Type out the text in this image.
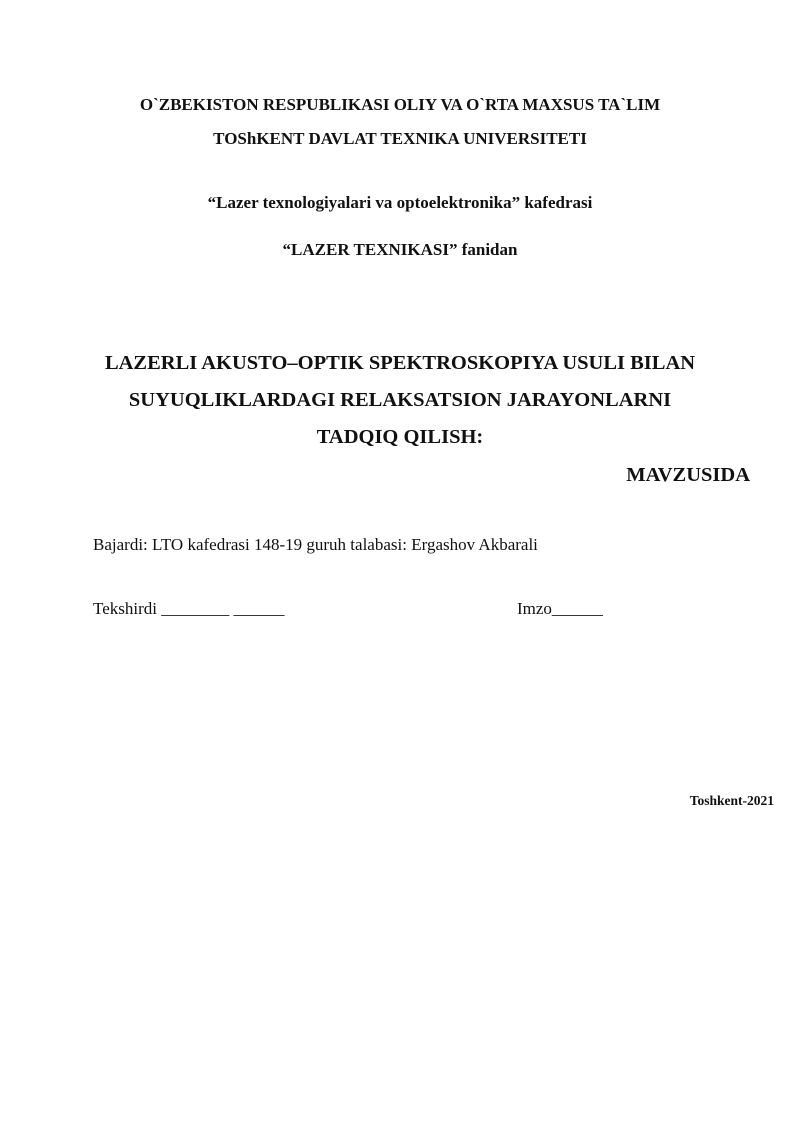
O`ZBEKISTON RESPUBLIKASI OLIY VA O`RTA MAXSUS TA`LIM
TOShKENT DAVLAT TEXNIKA UNIVERSITETI
“Lazer texnologiyalari va optoelektronika” kafedrasi
“LAZER TEXNIKASI” fanidan
LAZERLI AKUSTO–OPTIK SPEKTROSKOPIYA USULI BILAN
SUYUQLIKLARDAGI RELAKSATSION JARAYONLARNI
TADQIQ QILISH:
MAVZUSIDA
Bajardi: LTO kafedrasi 148-19 guruh talabasi: Ergashov Akbarali
Tekshirdi ________ ______	Imzo______
Toshkent-2021
